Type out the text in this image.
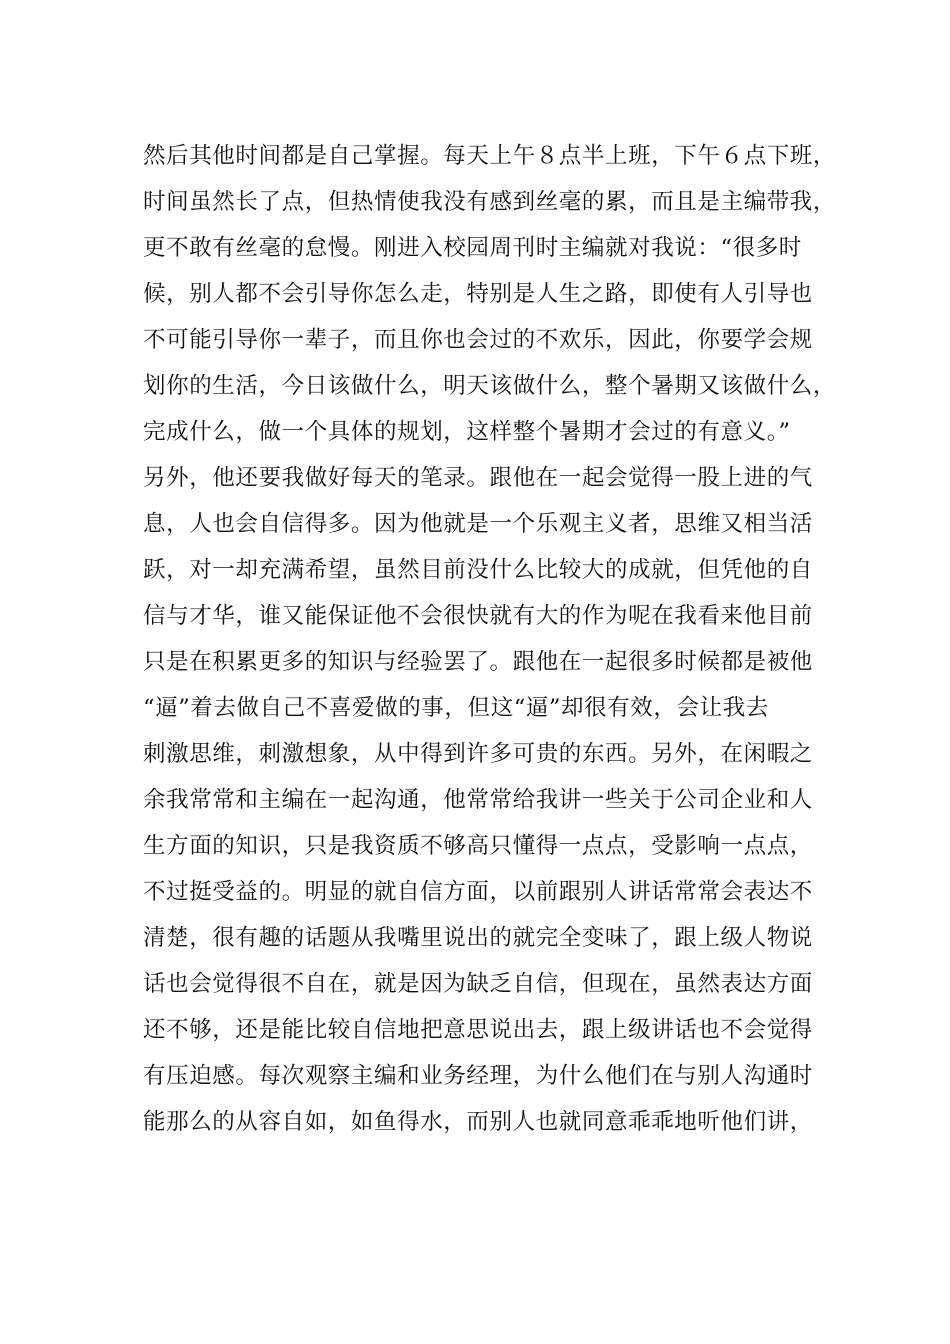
然后其他时间都是自己掌握。每天上午８点半上班，下午６点下班，
时间虽然长了点，但热情使我没有感到丝毫的累，而且是主编带我，
更不敢有丝毫的怠慢。刚进入校园周刊时主编就对我说：“很多时
候，别人都不会引导你怎么走，特别是人生之路，即使有人引导也
不可能引导你一辈子，而且你也会过的不欢乐，因此，你要学会规
划你的生活，今日该做什么，明天该做什么，整个暑期又该做什么，
完成什么，做一个具体的规划，这样整个暑期才会过的有意义。”
另外，他还要我做好每天的笔录。跟他在一起会觉得一股上进的气
息，人也会自信得多。因为他就是一个乐观主义者，思维又相当活
跃，对一却充满希望，虽然目前没什么比较大的成就，但凭他的自
信与才华，谁又能保证他不会很快就有大的作为呢在我看来他目前
只是在积累更多的知识与经验罢了。跟他在一起很多时候都是被他
“逼”着去做自己不喜爱做的事，但这“逼”却很有效，会让我去
刺激思维，刺激想象，从中得到许多可贵的东西。另外，在闲暇之
余我常常和主编在一起沟通，他常常给我讲一些关于公司企业和人
生方面的知识，只是我资质不够高只懂得一点点，受影响一点点，
不过挺受益的。明显的就自信方面，以前跟别人讲话常常会表达不
清楚，很有趣的话题从我嘴里说出的就完全变味了，跟上级人物说
话也会觉得很不自在，就是因为缺乏自信，但现在，虽然表达方面
还不够，还是能比较自信地把意思说出去，跟上级讲话也不会觉得
有压迫感。每次观察主编和业务经理，为什么他们在与别人沟通时
能那么的从容自如，如鱼得水，而别人也就同意乖乖地听他们讲，
